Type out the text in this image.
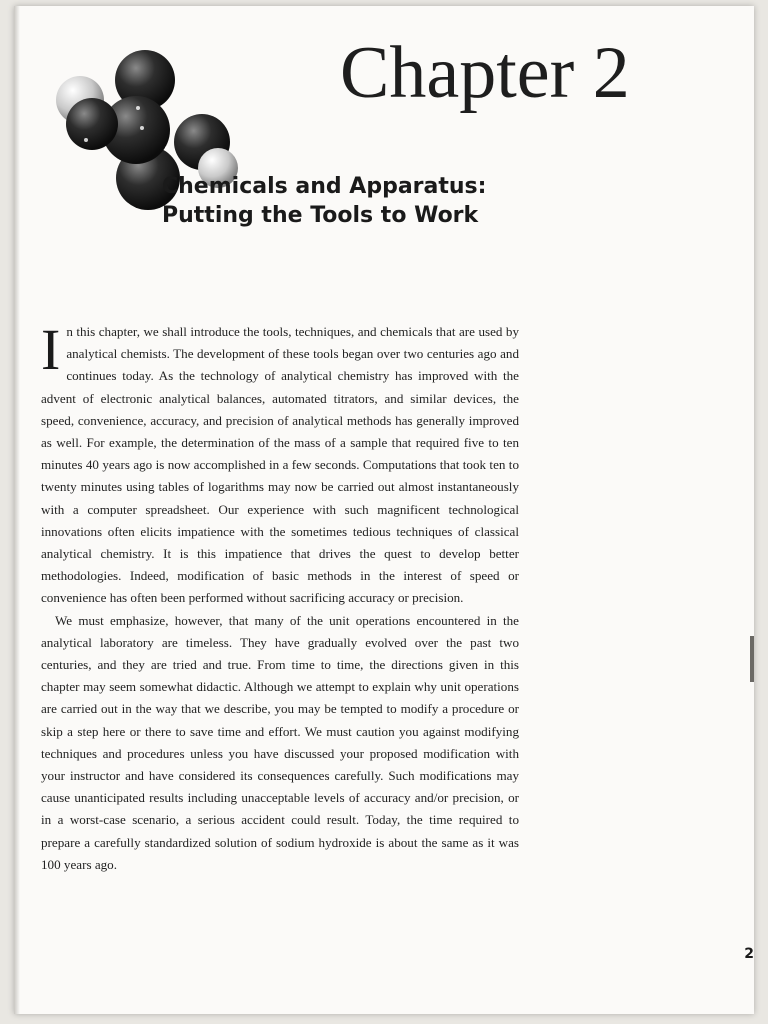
Chapter 2
Chemicals and Apparatus:
Putting the Tools to Work

In this chapter, we shall introduce the tools, techniques, and chemicals that are used by analytical chemists. The development of these tools began over two centuries ago and continues today. As the technology of analytical chemistry has improved with the advent of electronic analytical balances, automated titrators, and similar devices, the speed, convenience, accuracy, and precision of analytical methods has generally improved as well. For example, the determination of the mass of a sample that required five to ten minutes 40 years ago is now accomplished in a few seconds. Computations that took ten to twenty minutes using tables of logarithms may now be carried out almost instantaneously with a computer spreadsheet. Our experience with such magnificent technological innovations often elicits impatience with the sometimes tedious techniques of classical analytical chemistry. It is this impatience that drives the quest to develop better methodologies. Indeed, modification of basic methods in the interest of speed or convenience has often been performed without sacrificing accuracy or precision.

We must emphasize, however, that many of the unit operations encountered in the analytical laboratory are timeless. They have gradually evolved over the past two centuries, and they are tried and true. From time to time, the directions given in this chapter may seem somewhat didactic. Although we attempt to explain why unit operations are carried out in the way that we describe, you may be tempted to modify a procedure or skip a step here or there to save time and effort. We must caution you against modifying techniques and procedures unless you have discussed your proposed modification with your instructor and have considered its consequences carefully. Such modifications may cause unanticipated results including unacceptable levels of accuracy and/or precision, or in a worst-case scenario, a serious accident could result. Today, the time required to prepare a carefully standardized solution of sodium hydroxide is about the same as it was 100 years ago.

2
